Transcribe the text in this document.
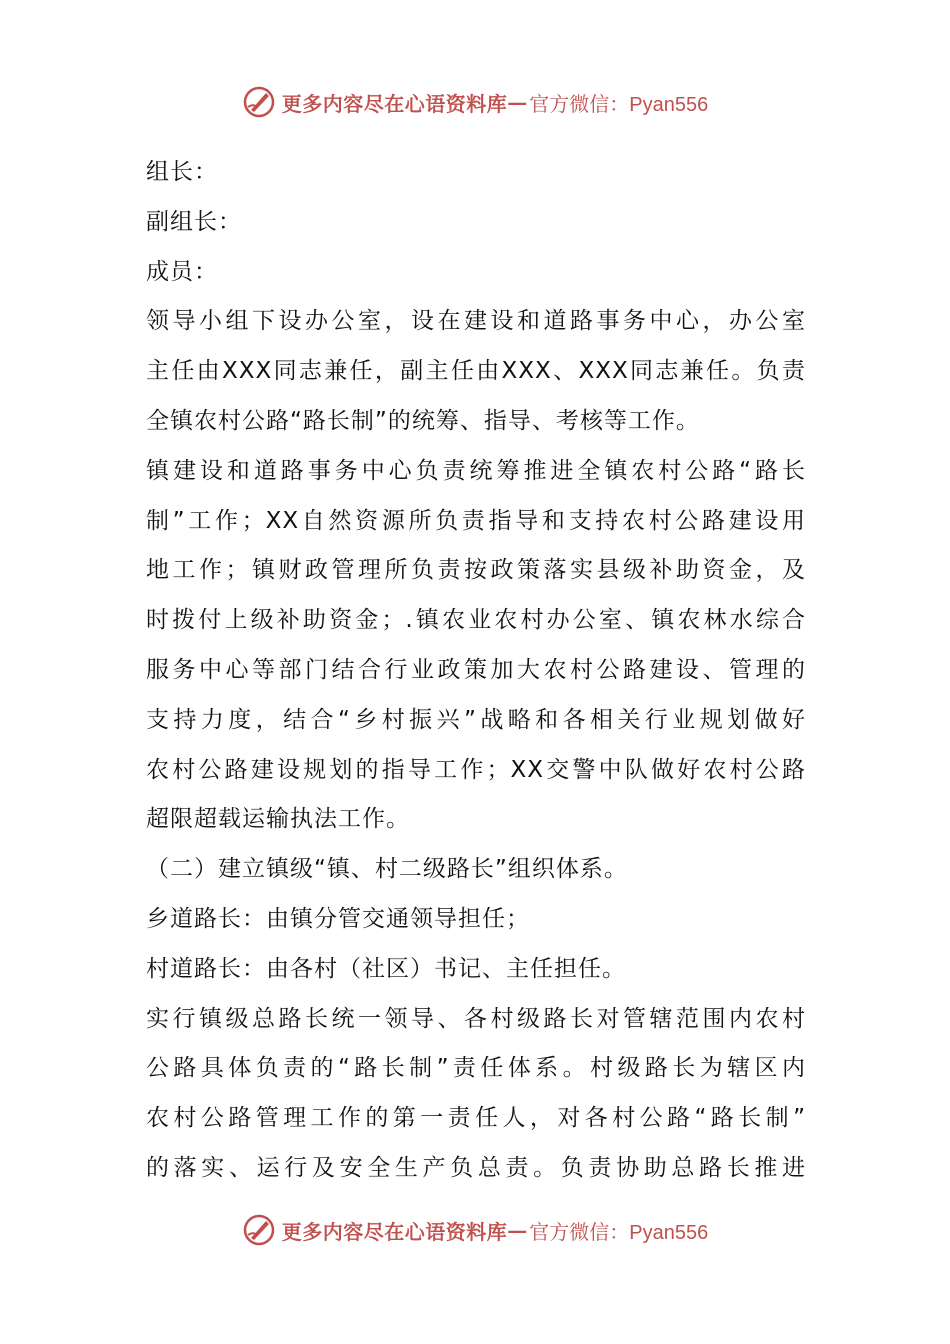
更多内容尽在心语资料库 — 官方微信：Pyan556
组长：
副组长：
成员：
领导小组下设办公室，设在建设和道路事务中心，办公室
主任由XXX同志兼任，副主任由XXX、XXX同志兼任。负责
全镇农村公路“路长制”的统筹、指导、考核等工作。
镇建设和道路事务中心负责统筹推进全镇农村公路“路长
制”工作；XX自然资源所负责指导和支持农村公路建设用
地工作；镇财政管理所负责按政策落实县级补助资金，及
时拨付上级补助资金；.镇农业农村办公室、镇农林水综合
服务中心等部门结合行业政策加大农村公路建设、管理的
支持力度，结合“乡村振兴”战略和各相关行业规划做好
农村公路建设规划的指导工作；XX交警中队做好农村公路
超限超载运输执法工作。
（二）建立镇级“镇、村二级路长”组织体系。
乡道路长：由镇分管交通领导担任；
村道路长：由各村（社区）书记、主任担任。
实行镇级总路长统一领导、各村级路长对管辖范围内农村
公路具体负责的“路长制”责任体系。村级路长为辖区内
农村公路管理工作的第一责任人，对各村公路“路长制”
的落实、运行及安全生产负总责。负责协助总路长推进
更多内容尽在心语资料库 — 官方微信：Pyan556
